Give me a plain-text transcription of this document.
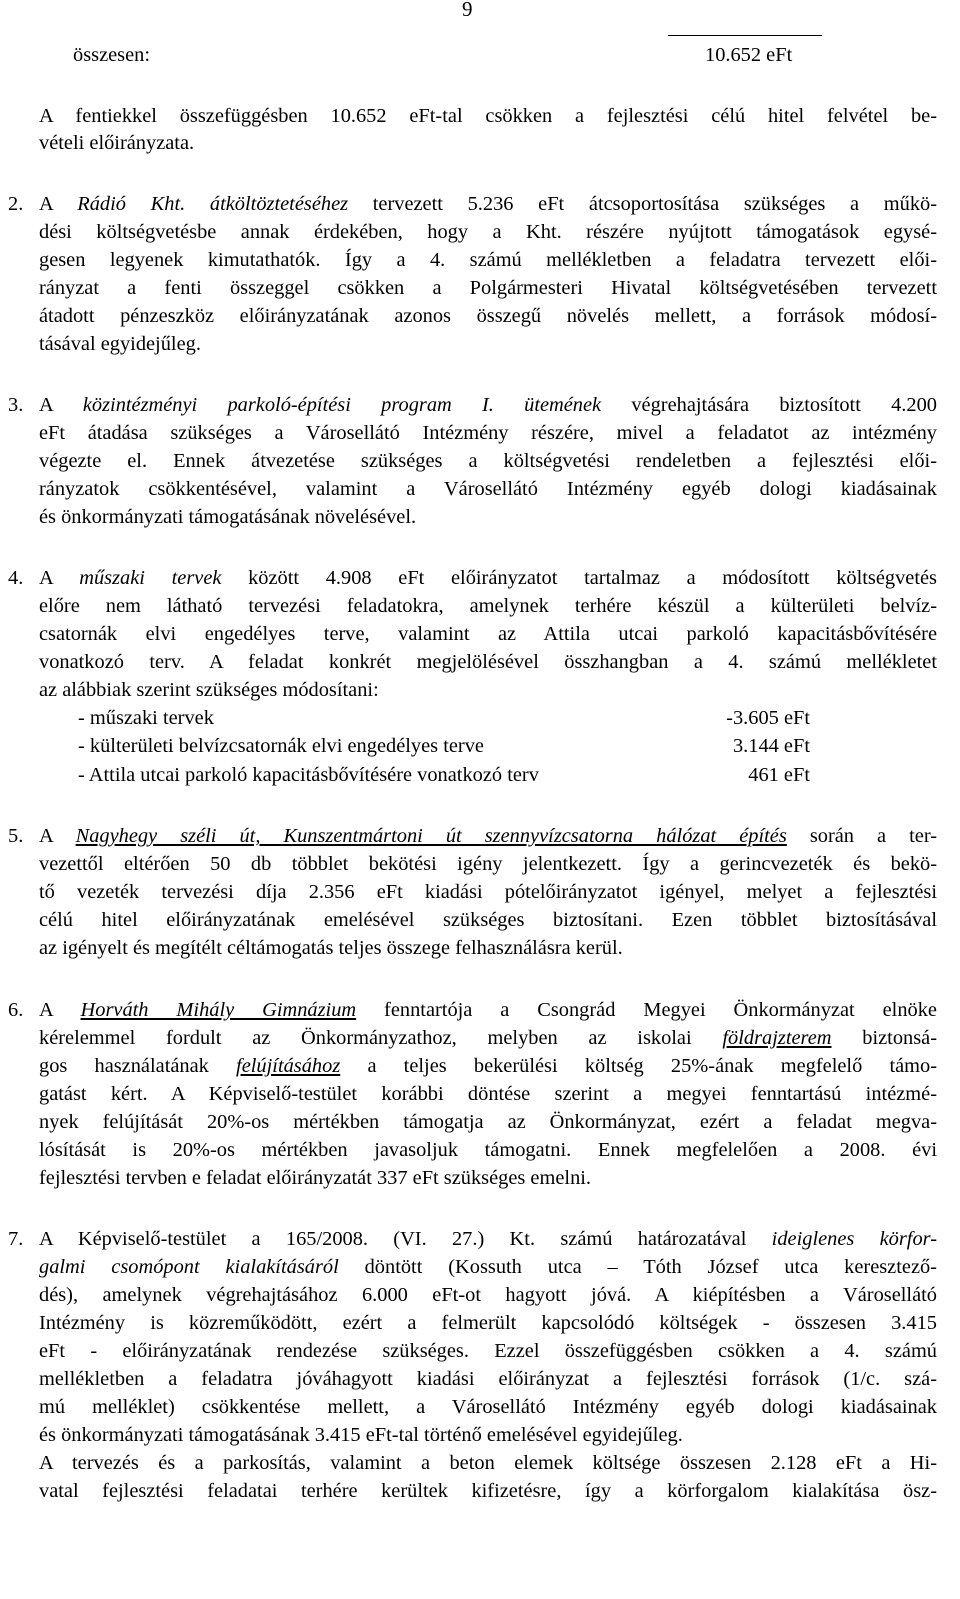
9
összesen:	10.652 eFt
A fentiekkel összefüggésben 10.652 eFt-tal csökken a fejlesztési célú hitel felvétel be-
vételi előirányzata.
2. A Rádió Kht. átköltöztetéséhez tervezett 5.236 eFt átcsoportosítása szükséges a műkö-
dési költségvetésbe annak érdekében, hogy a Kht. részére nyújtott támogatások egysé-
gesen legyenek kimutathatók. Így a 4. számú mellékletben a feladatra tervezett elői-
rányzat a fenti összeggel csökken a Polgármesteri Hivatal költségvetésében tervezett
átadott pénzeszköz előirányzatának azonos összegű növelés mellett, a források módosí-
tásával egyidejűleg.
3. A közintézményi parkoló-építési program I. ütemének végrehajtására biztosított 4.200
eFt átadása szükséges a Városellátó Intézmény részére, mivel a feladatot az intézmény
végezte el. Ennek átvezetése szükséges a költségvetési rendeletben a fejlesztési elői-
rányzatok csökkentésével, valamint a Városellátó Intézmény egyéb dologi kiadásainak
és önkormányzati támogatásának növelésével.
4. A műszaki tervek között 4.908 eFt előirányzatot tartalmaz a módosított költségvetés
előre nem látható tervezési feladatokra, amelynek terhére készül a külterületi belvíz-
csatornák elvi engedélyes terve, valamint az Attila utcai parkoló kapacitásbővítésére
vonatkozó terv. A feladat konkrét megjelölésével összhangban a 4. számú mellékletet
az alábbiak szerint szükséges módosítani:
- műszaki tervek	-3.605 eFt
- külterületi belvízcsatornák elvi engedélyes terve	3.144 eFt
- Attila utcai parkoló kapacitásbővítésére vonatkozó terv	461 eFt
5. A Nagyhegy széli út, Kunszentmártoni út szennyvízcsatorna hálózat építés során a ter-
vezettől eltérően 50 db többlet bekötési igény jelentkezett. Így a gerincvezeték és bekö-
tő vezeték tervezési díja 2.356 eFt kiadási pótelőirányzatot igényel, melyet a fejlesztési
célú hitel előirányzatának emelésével szükséges biztosítani. Ezen többlet biztosításával
az igényelt és megítélt céltámogatás teljes összege felhasználásra kerül.
6. A Horváth Mihály Gimnázium fenntartója a Csongrád Megyei Önkormányzat elnöke
kérelemmel fordult az Önkormányzathoz, melyben az iskolai földrajzterem biztonsá-
gos használatának felújításához a teljes bekerülési költség 25%-ának megfelelő támo-
gatást kért. A Képviselő-testület korábbi döntése szerint a megyei fenntartású intézmé-
nyek felújítását 20%-os mértékben támogatja az Önkormányzat, ezért a feladat megva-
lósítását is 20%-os mértékben javasoljuk támogatni. Ennek megfelelően a 2008. évi
fejlesztési tervben e feladat előirányzatát 337 eFt szükséges emelni.
7. A Képviselő-testület a 165/2008. (VI. 27.) Kt. számú határozatával ideiglenes körfor-
galmi csomópont kialakításáról döntött (Kossuth utca – Tóth József utca keresztező-
dés), amelynek végrehajtásához 6.000 eFt-ot hagyott jóvá. A kiépítésben a Városellátó
Intézmény is közreműködött, ezért a felmerült kapcsolódó költségek - összesen 3.415
eFt - előirányzatának rendezése szükséges. Ezzel összefüggésben csökken a 4. számú
mellékletben a feladatra jóváhagyott kiadási előirányzat a fejlesztési források (1/c. szá-
mú melléklet) csökkentése mellett, a Városellátó Intézmény egyéb dologi kiadásainak
és önkormányzati támogatásának 3.415 eFt-tal történő emelésével egyidejűleg.
A tervezés és a parkosítás, valamint a beton elemek költsége összesen 2.128 eFt a Hi-
vatal fejlesztési feladatai terhére kerültek kifizetésre, így a körforgalom kialakítása ösz-
